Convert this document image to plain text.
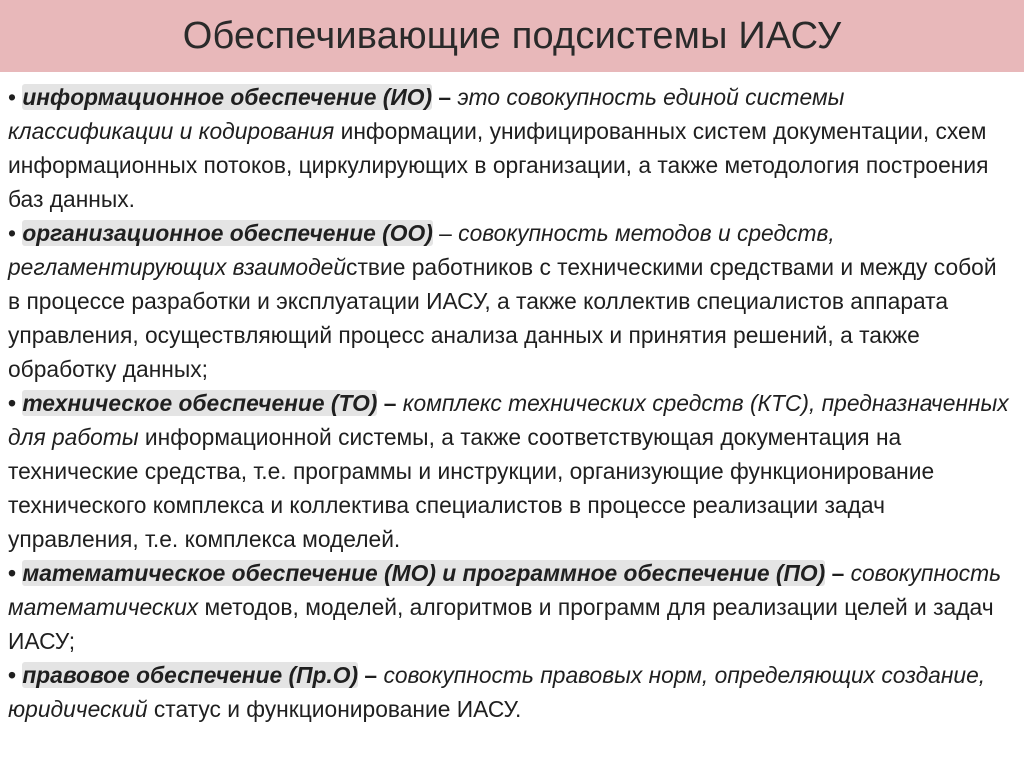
Обеспечивающие подсистемы ИАСУ

• информационное обеспечение (ИО) – это совокупность единой системы классификации и кодирования информации, унифицированных систем документации, схем информационных потоков, циркулирующих в организации, а также методология построения баз данных.

• организационное обеспечение (ОО) – совокупность методов и средств, регламентирующих взаимодействие работников с техническими средствами и между собой в процессе разработки и эксплуатации ИАСУ, а также коллектив специалистов аппарата управления, осуществляющий процесс анализа данных и принятия решений, а также обработку данных;

• техническое обеспечение (ТО) – комплекс технических средств (КТС), предназначенных для работы информационной системы, а также соответствующая документация на технические средства, т.е. программы и инструкции, организующие функционирование технического комплекса и коллектива специалистов в процессе реализации задач управления, т.е. комплекса моделей.

• математическое обеспечение (МО) и программное обеспечение (ПО) – совокупность математических методов, моделей, алгоритмов и программ для реализации целей и задач ИАСУ;

• правовое обеспечение (Пр.О) – совокупность правовых норм, определяющих создание, юридический статус и функционирование ИАСУ.
